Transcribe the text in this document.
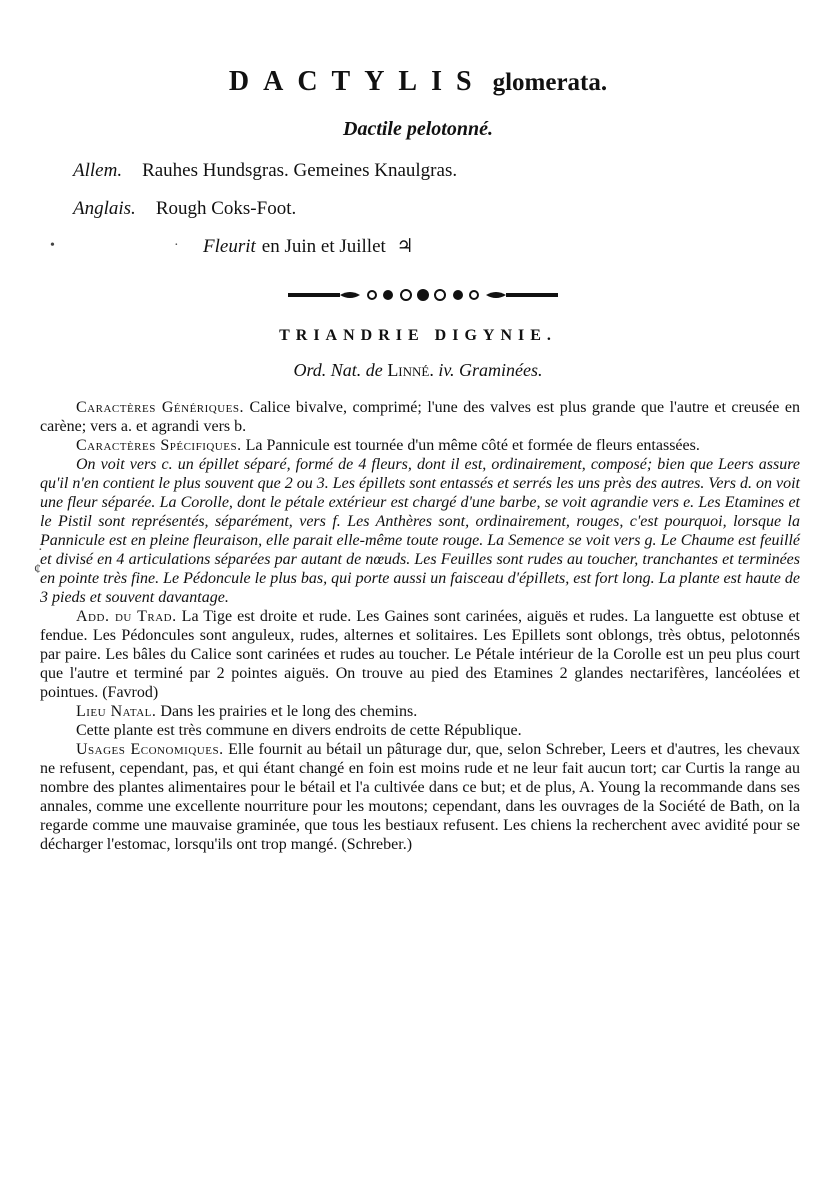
DACTYLIS glomerata.
Dactile pelotonné.
Allem. Rauhes Hundsgras. Gemeines Knaulgras.
Anglais. Rough Coks-Foot.
Fleurit en Juin et Juillet ♃
TRIANDRIE DIGYNIE.
Ord. Nat. de Linné. iv. Graminées.
•	·
·
¢

Caractères Génériques. Calice bivalve, comprimé; l'une des valves est plus grande que l'autre et creusée en carène; vers a. et agrandi vers b.

Caractères Spécifiques. La Pannicule est tournée d'un même côté et formée de fleurs entassées.

On voit vers c. un épillet séparé, formé de 4 fleurs, dont il est, ordinairement, composé; bien que Leers assure qu'il n'en contient le plus souvent que 2 ou 3. Les épillets sont entassés et serrés les uns près des autres. Vers d. on voit une fleur séparée. La Corolle, dont le pétale extérieur est chargé d'une barbe, se voit agrandie vers e. Les Etamines et le Pistil sont représentés, séparément, vers f. Les Anthères sont, ordinairement, rouges, c'est pourquoi, lorsque la Pannicule est en pleine fleuraison, elle parait elle-même toute rouge. La Semence se voit vers g. Le Chaume est feuillé et divisé en 4 articulations séparées par autant de nœuds. Les Feuilles sont rudes au toucher, tranchantes et terminées en pointe très fine. Le Pédoncule le plus bas, qui porte aussi un faisceau d'épillets, est fort long. La plante est haute de 3 pieds et souvent davantage.

Add. du Trad. La Tige est droite et rude. Les Gaines sont carinées, aiguës et rudes. La languette est obtuse et fendue. Les Pédoncules sont anguleux, rudes, alternes et solitaires. Les Epillets sont oblongs, très obtus, pelotonnés par paire. Les bâles du Calice sont carinées et rudes au toucher. Le Pétale intérieur de la Corolle est un peu plus court que l'autre et terminé par 2 pointes aiguës. On trouve au pied des Etamines 2 glandes nectarifères, lancéolées et pointues. (Favrod)

Lieu Natal. Dans les prairies et le long des chemins.

Cette plante est très commune en divers endroits de cette République.

Usages Economiques. Elle fournit au bétail un pâturage dur, que, selon Schreber, Leers et d'autres, les chevaux ne refusent, cependant, pas, et qui étant changé en foin est moins rude et ne leur fait aucun tort; car Curtis la range au nombre des plantes alimentaires pour le bétail et l'a cultivée dans ce but; et de plus, A. Young la recommande dans ses annales, comme une excellente nourriture pour les moutons; cependant, dans les ouvrages de la Société de Bath, on la regarde comme une mauvaise graminée, que tous les bestiaux refusent. Les chiens la recherchent avec avidité pour se décharger l'estomac, lorsqu'ils ont trop mangé. (Schreber.)
